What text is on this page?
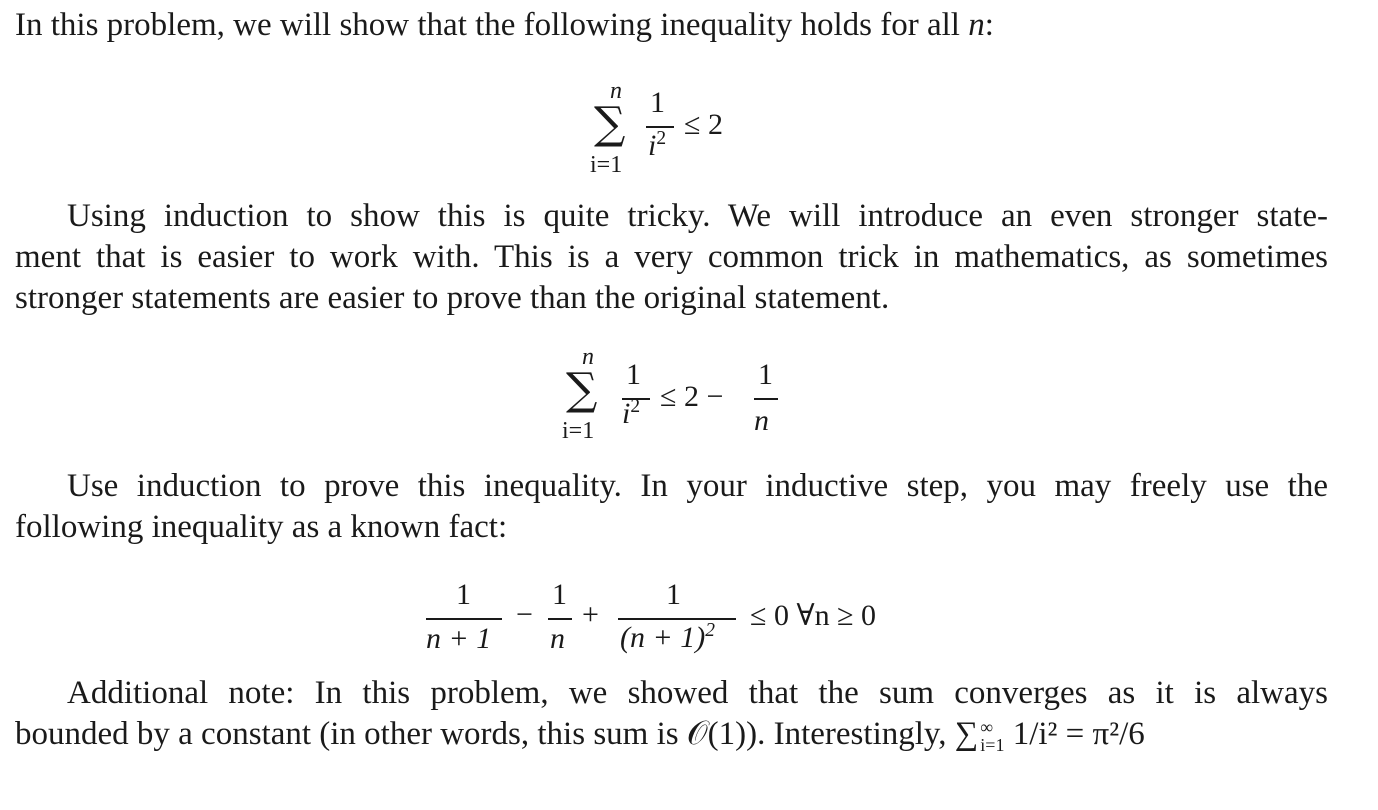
In this problem, we will show that the following inequality holds for all n:

n
∑
i=1
1
$i^2 \le 2$

Using induction to show this is quite tricky. We will introduce an even stronger state-
ment that is easier to work with. This is a very common trick in mathematics, as sometimes
stronger statements are easier to prove than the original statement.

n
∑
i=1
1
$i^2 \le 2$ −
1
n

Use induction to prove this inequality. In your inductive step, you may freely use the
following inequality as a known fact:

1
n + 1
−
1
n
+
1
$(n + 1)^2 \le 0$ ∀n ≥ 0

Additional note: In this problem, we showed that the sum converges as it is always
bounded by a constant (in other words, this sum is 𝒪(1)). Interestingly, ∑ ∞
i=1 1/i² = π²/6
